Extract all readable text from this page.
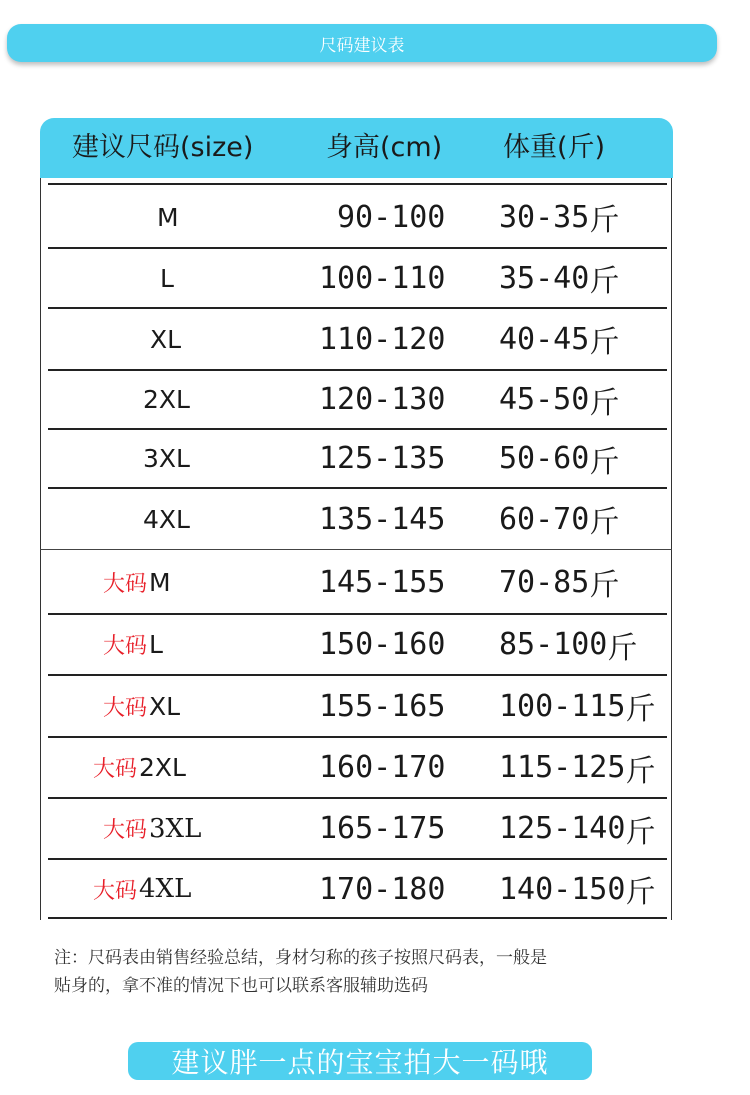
尺码建议表
建议尺码(size)	身高(cm) 体重(斤)
M	90-100 30-35 斤
L	100-110 35-40 斤
XL	110-120 40-45 斤
2XL	120-130 45-50 斤
3XL	125-135 50-60 斤
4XL	135-145 60-70 斤
大码 M	145-155 70-85 斤
大码 L	150-160 85-100 斤
大码 XL	155-165 100-115 斤
大码 2XL	160-170 115-125 斤
大码 3XL	165-175 125-140 斤
大码 4XL	170-180 140-150 斤
注：尺码表由销售经验总结，身材匀称的孩子按照尺码表，一般是
贴身的，拿不准的情况下也可以联系客服辅助选码
建议胖一点的宝宝拍大一码哦
